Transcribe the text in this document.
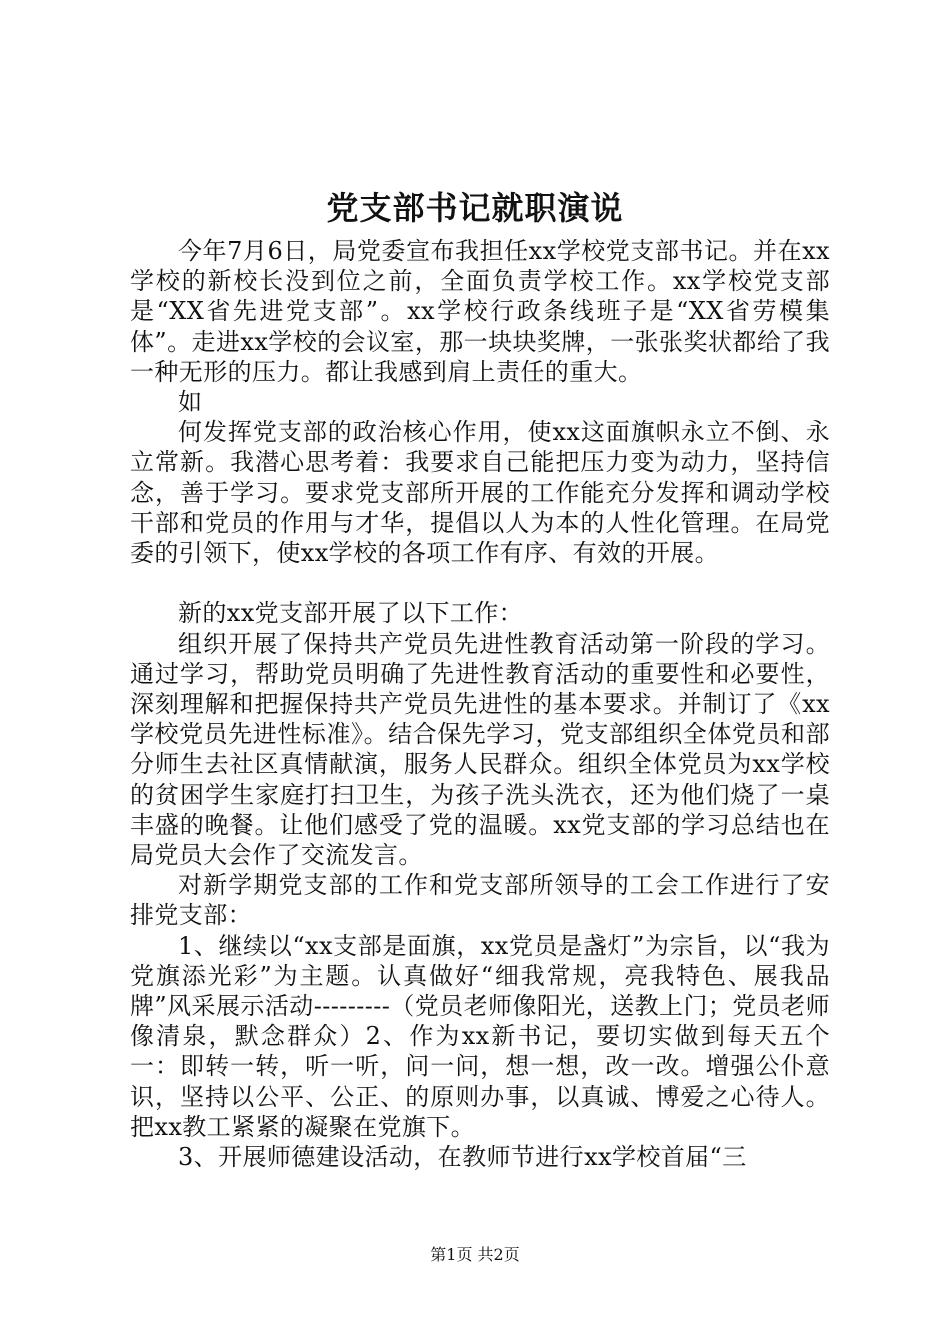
党支部书记就职演说

今年7月6日，局党委宣布我担任xx学校党支部书记。并在xx学校的新校长没到位之前，全面负责学校工作。xx学校党支部是“XX省先进党支部”。xx学校行政条线班子是“XX省劳模集体”。走进xx学校的会议室，那一块块奖牌，一张张奖状都给了我一种无形的压力。都让我感到肩上责任的重大。

如

何发挥党支部的政治核心作用，使xx这面旗帜永立不倒、永立常新。我潜心思考着：我要求自己能把压力变为动力，坚持信念，善于学习。要求党支部所开展的工作能充分发挥和调动学校干部和党员的作用与才华，提倡以人为本的人性化管理。在局党委的引领下，使xx学校的各项工作有序、有效的开展。

新的xx党支部开展了以下工作：

组织开展了保持共产党员先进性教育活动第一阶段的学习。通过学习，帮助党员明确了先进性教育活动的重要性和必要性，深刻理解和把握保持共产党员先进性的基本要求。并制订了《xx学校党员先进性标准》。结合保先学习，党支部组织全体党员和部分师生去社区真情献演，服务人民群众。组织全体党员为xx学校的贫困学生家庭打扫卫生，为孩子洗头洗衣，还为他们烧了一桌丰盛的晚餐。让他们感受了党的温暖。xx党支部的学习总结也在局党员大会作了交流发言。

对新学期党支部的工作和党支部所领导的工会工作进行了安排党支部：

1、继续以“xx支部是面旗，xx党员是盏灯”为宗旨，以“我为党旗添光彩”为主题。认真做好“细我常规，亮我特色、展我品牌”风采展示活动---------（党员老师像阳光，送教上门；党员老师像清泉，默念群众）2、作为xx新书记，要切实做到每天五个一：即转一转，听一听，问一问，想一想，改一改。增强公仆意识，坚持以公平、公正、的原则办事，以真诚、博爱之心待人。把xx教工紧紧的凝聚在党旗下。

3、开展师德建设活动，在教师节进行xx学校首届“三

第1页 共2页
